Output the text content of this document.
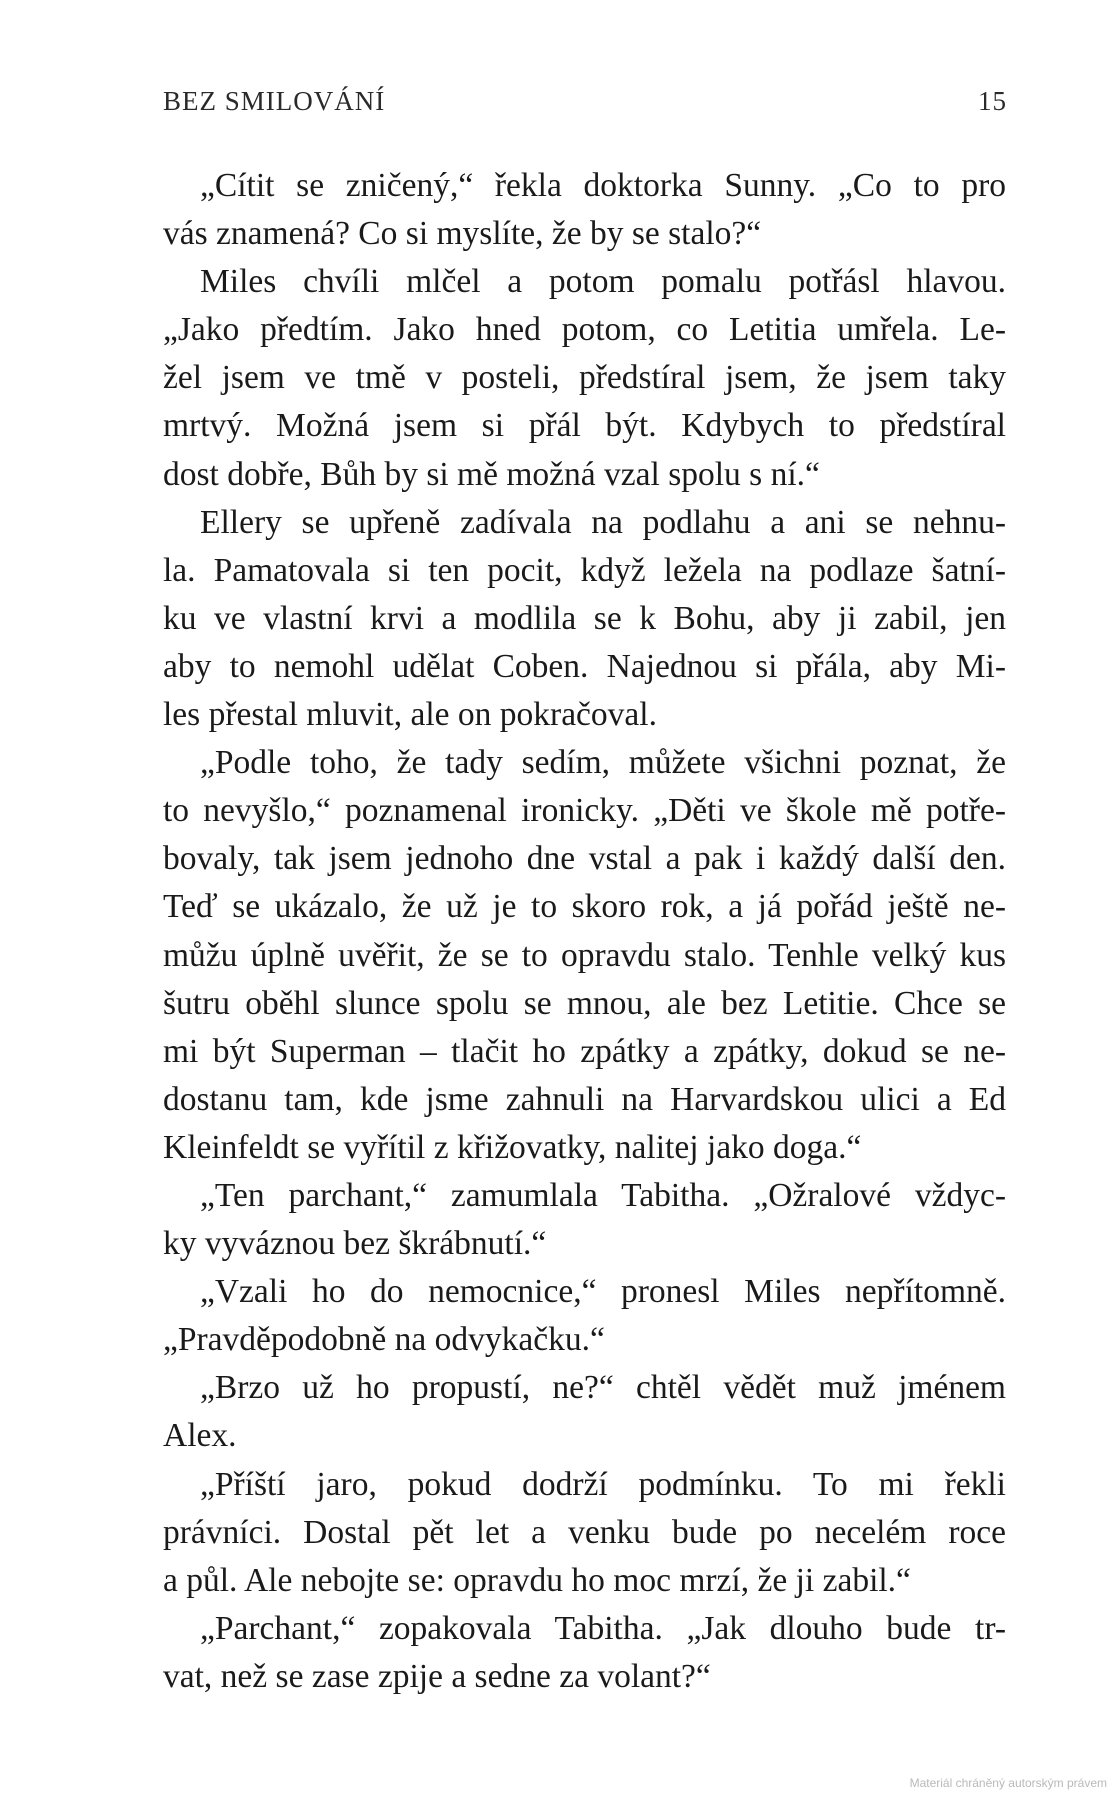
BEZ SMILOVÁNÍ	15

„Cítit se zničený,“ řekla doktorka Sunny. „Co to pro
vás znamená? Co si myslíte, že by se stalo?“

Miles chvíli mlčel a potom pomalu potřásl hlavou.
„Jako předtím. Jako hned potom, co Letitia umřela. Le-
žel jsem ve tmě v posteli, předstíral jsem, že jsem taky
mrtvý. Možná jsem si přál být. Kdybych to předstíral
dost dobře, Bůh by si mě možná vzal spolu s ní.“

Ellery se upřeně zadívala na podlahu a ani se nehnu-
la. Pamatovala si ten pocit, když ležela na podlaze šatní-
ku ve vlastní krvi a modlila se k Bohu, aby ji zabil, jen
aby to nemohl udělat Coben. Najednou si přála, aby Mi-
les přestal mluvit, ale on pokračoval.

„Podle toho, že tady sedím, můžete všichni poznat, že
to nevyšlo,“ poznamenal ironicky. „Děti ve škole mě potře-
bovaly, tak jsem jednoho dne vstal a pak i každý další den.
Teď se ukázalo, že už je to skoro rok, a já pořád ještě ne-
můžu úplně uvěřit, že se to opravdu stalo. Tenhle velký kus
šutru oběhl slunce spolu se mnou, ale bez Letitie. Chce se
mi být Superman – tlačit ho zpátky a zpátky, dokud se ne-
dostanu tam, kde jsme zahnuli na Harvardskou ulici a Ed
Kleinfeldt se vyřítil z křižovatky, nalitej jako doga.“

„Ten parchant,“ zamumlala Tabitha. „Ožralové vždyc-
ky vyváznou bez škrábnutí.“

„Vzali ho do nemocnice,“ pronesl Miles nepřítomně.
„Pravděpodobně na odvykačku.“

„Brzo už ho propustí, ne?“ chtěl vědět muž jménem
Alex.

„Příští jaro, pokud dodrží podmínku. To mi řekli
právníci. Dostal pět let a venku bude po necelém roce
a půl. Ale nebojte se: opravdu ho moc mrzí, že ji zabil.“

„Parchant,“ zopakovala Tabitha. „Jak dlouho bude tr-
vat, než se zase zpije a sedne za volant?“

Materiál chráněný autorským právem
